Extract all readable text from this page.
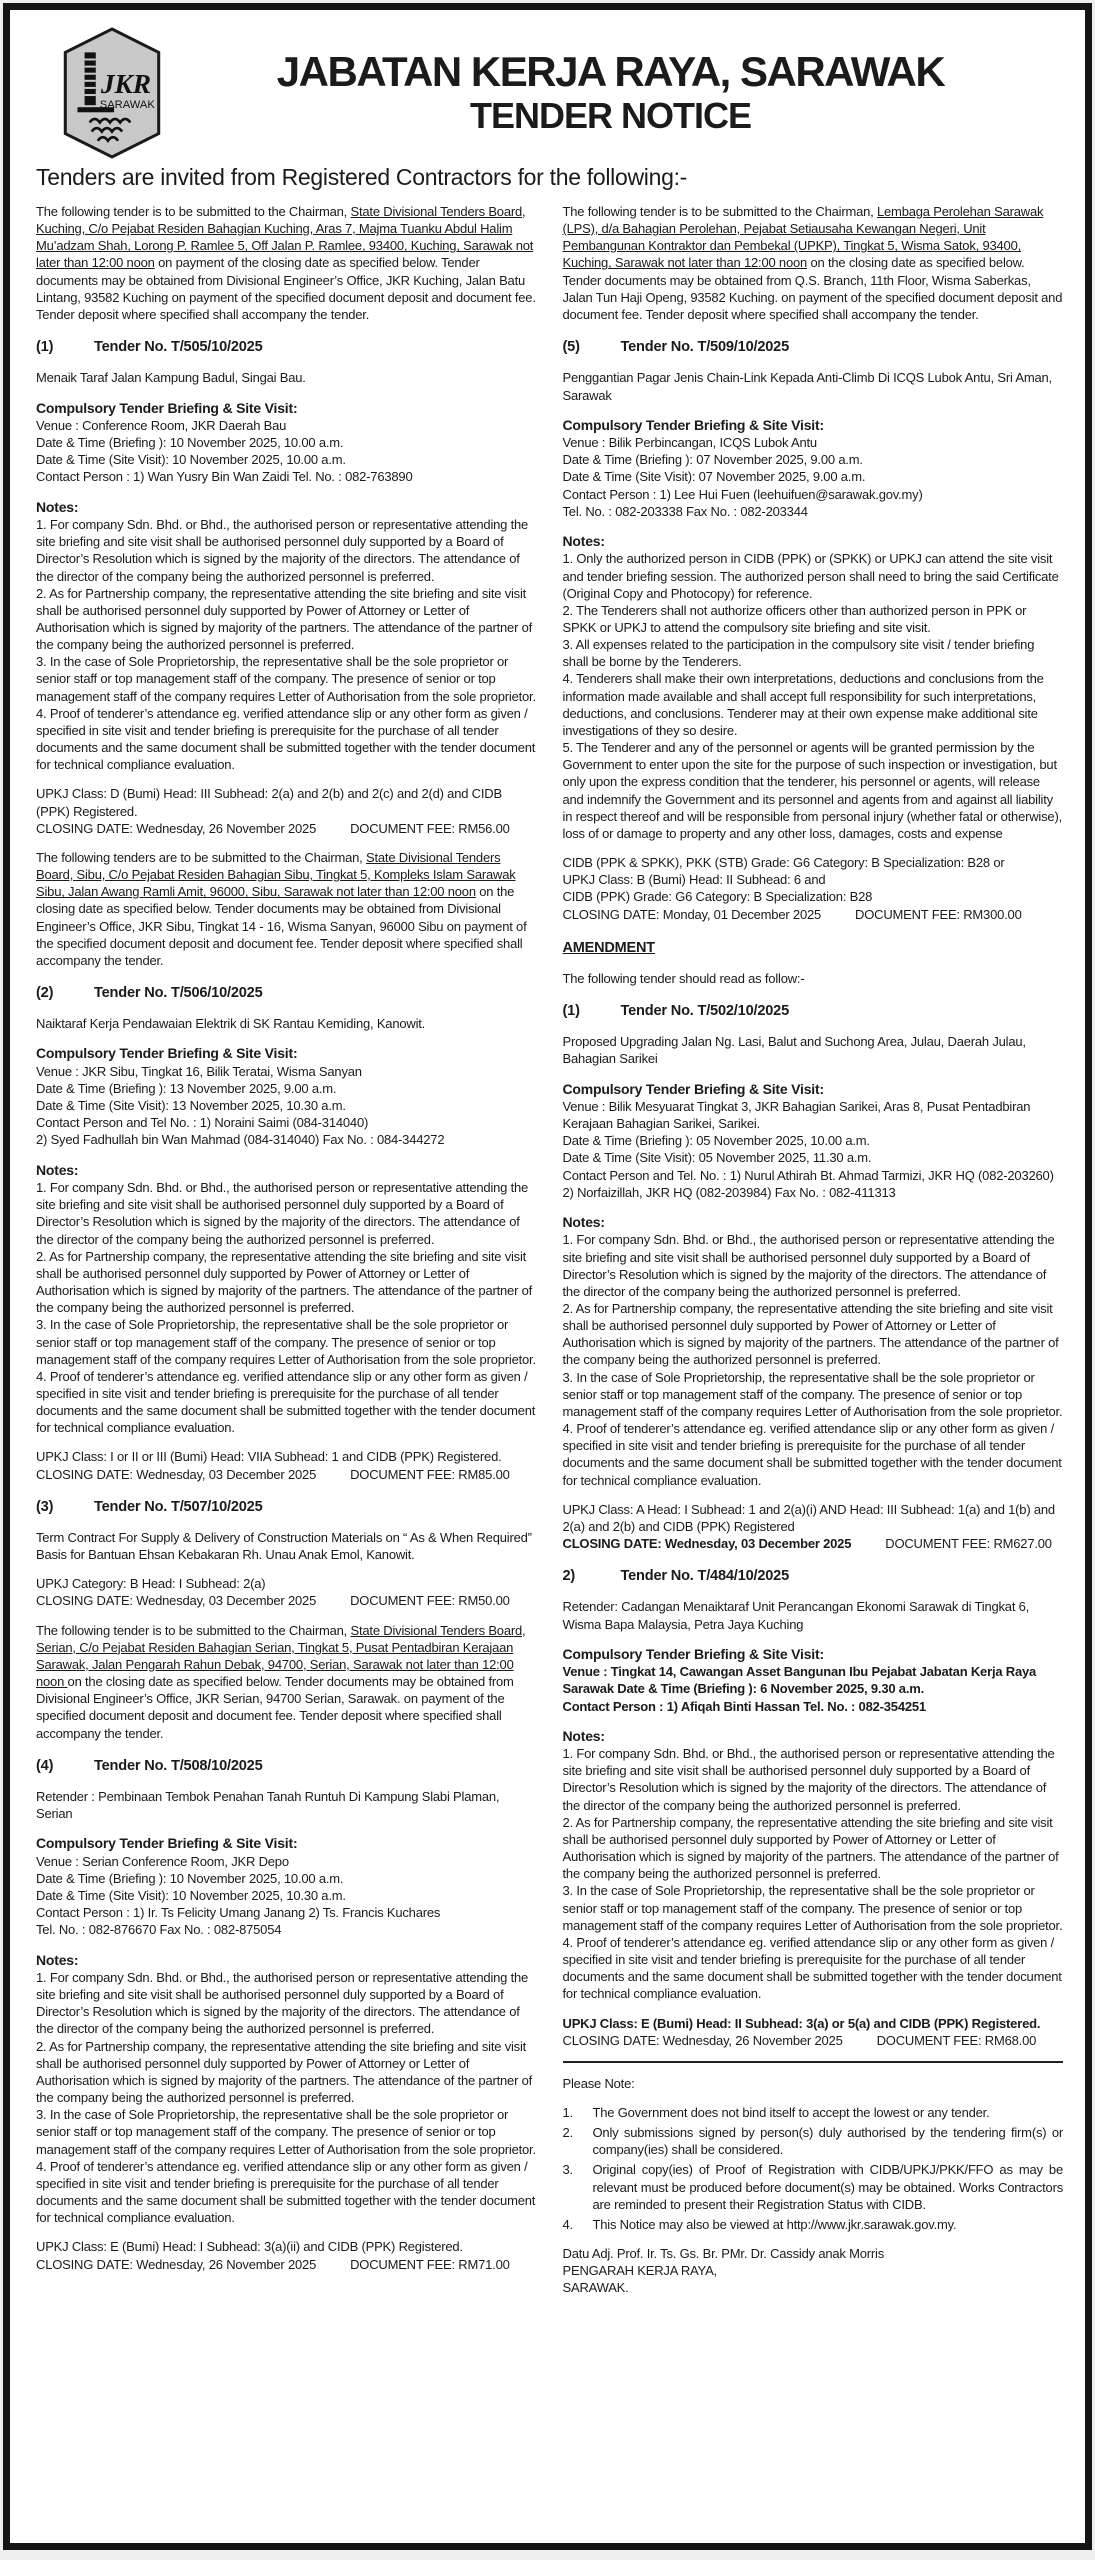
JKR
SARAWAK
JABATAN KERJA RAYA, SARAWAK
TENDER NOTICE
Tenders are invited from Registered Contractors for the following:-

The following tender is to be submitted to the Chairman, State Divisional Tenders Board, Kuching, C/o Pejabat Residen Bahagian Kuching, Aras 7, Majma Tuanku Abdul Halim Mu’adzam Shah, Lorong P. Ramlee 5, Off Jalan P. Ramlee, 93400, Kuching, Sarawak not later than 12:00 noon on payment of the closing date as specified below. Tender documents may be obtained from Divisional Engineer’s Office, JKR Kuching, Jalan Batu Lintang, 93582 Kuching on payment of the specified document deposit and document fee. Tender deposit where specified shall accompany the tender.

(1)	Tender No. T/505/10/2025

Menaik Taraf Jalan Kampung Badul, Singai Bau.

Compulsory Tender Briefing & Site Visit:

Venue : Conference Room, JKR Daerah Bau

Date & Time (Briefing ): 10 November 2025, 10.00 a.m.

Date & Time (Site Visit): 10 November 2025, 10.00 a.m.

Contact Person : 1) Wan Yusry Bin Wan Zaidi Tel. No. : 082-763890

Notes:

1. For company Sdn. Bhd. or Bhd., the authorised person or representative attending the site briefing and site visit shall be authorised personnel duly supported by a Board of Director’s Resolution which is signed by the majority of the directors. The attendance of the director of the company being the authorized personnel is preferred.

2. As for Partnership company, the representative attending the site briefing and site visit shall be authorised personnel duly supported by Power of Attorney or Letter of Authorisation which is signed by majority of the partners. The attendance of the partner of the company being the authorized personnel is preferred.

3. In the case of Sole Proprietorship, the representative shall be the sole proprietor or senior staff or top management staff of the company. The presence of senior or top management staff of the company requires Letter of Authorisation from the sole proprietor.

4. Proof of tenderer’s attendance eg. verified attendance slip or any other form as given / specified in site visit and tender briefing is prerequisite for the purchase of all tender documents and the same document shall be submitted together with the tender document for technical compliance evaluation.

UPKJ Class: D (Bumi) Head: III Subhead: 2(a) and 2(b) and 2(c) and 2(d) and CIDB (PPK) Registered.

CLOSING DATE: Wednesday, 26 November 2025	DOCUMENT FEE: RM56.00

The following tenders are to be submitted to the Chairman, State Divisional Tenders Board, Sibu, C/o Pejabat Residen Bahagian Sibu, Tingkat 5, Kompleks Islam Sarawak Sibu, Jalan Awang Ramli Amit, 96000, Sibu, Sarawak not later than 12:00 noon on the closing date as specified below. Tender documents may be obtained from Divisional Engineer’s Office, JKR Sibu, Tingkat 14 - 16, Wisma Sanyan, 96000 Sibu on payment of the specified document deposit and document fee. Tender deposit where specified shall accompany the tender.

(2)	Tender No. T/506/10/2025

Naiktaraf Kerja Pendawaian Elektrik di SK Rantau Kemiding, Kanowit.

Compulsory Tender Briefing & Site Visit:

Venue : JKR Sibu, Tingkat 16, Bilik Teratai, Wisma Sanyan

Date & Time (Briefing ): 13 November 2025, 9.00 a.m.

Date & Time (Site Visit): 13 November 2025, 10.30 a.m.

Contact Person and Tel No. : 1) Noraini Saimi (084-314040)

2) Syed Fadhullah bin Wan Mahmad (084-314040) Fax No. : 084-344272

Notes:

1. For company Sdn. Bhd. or Bhd., the authorised person or representative attending the site briefing and site visit shall be authorised personnel duly supported by a Board of Director’s Resolution which is signed by the majority of the directors. The attendance of the director of the company being the authorized personnel is preferred.

2. As for Partnership company, the representative attending the site briefing and site visit shall be authorised personnel duly supported by Power of Attorney or Letter of Authorisation which is signed by majority of the partners. The attendance of the partner of the company being the authorized personnel is preferred.

3. In the case of Sole Proprietorship, the representative shall be the sole proprietor or senior staff or top management staff of the company. The presence of senior or top management staff of the company requires Letter of Authorisation from the sole proprietor.

4. Proof of tenderer’s attendance eg. verified attendance slip or any other form as given / specified in site visit and tender briefing is prerequisite for the purchase of all tender documents and the same document shall be submitted together with the tender document for technical compliance evaluation.

UPKJ Class: I or II or III (Bumi) Head: VIIA Subhead: 1 and CIDB (PPK) Registered.

CLOSING DATE: Wednesday, 03 December 2025	DOCUMENT FEE: RM85.00

(3)	Tender No. T/507/10/2025

Term Contract For Supply & Delivery of Construction Materials on “ As & When Required” Basis for Bantuan Ehsan Kebakaran Rh. Unau Anak Emol, Kanowit.

UPKJ Category: B Head: I Subhead: 2(a)

CLOSING DATE: Wednesday, 03 December 2025	DOCUMENT FEE: RM50.00

The following tender is to be submitted to the Chairman, State Divisional Tenders Board, Serian, C/o Pejabat Residen Bahagian Serian, Tingkat 5, Pusat Pentadbiran Kerajaan Sarawak, Jalan Pengarah Rahun Debak, 94700, Serian, Sarawak not later than 12:00 noon on the closing date as specified below. Tender documents may be obtained from Divisional Engineer’s Office, JKR Serian, 94700 Serian, Sarawak. on payment of the specified document deposit and document fee. Tender deposit where specified shall accompany the tender.

(4)	Tender No. T/508/10/2025

Retender : Pembinaan Tembok Penahan Tanah Runtuh Di Kampung Slabi Plaman, Serian

Compulsory Tender Briefing & Site Visit:

Venue : Serian Conference Room, JKR Depo

Date & Time (Briefing ): 10 November 2025, 10.00 a.m.

Date & Time (Site Visit): 10 November 2025, 10.30 a.m.

Contact Person : 1) Ir. Ts Felicity Umang Janang 2) Ts. Francis Kuchares

Tel. No. : 082-876670 Fax No. : 082-875054

Notes:

1. For company Sdn. Bhd. or Bhd., the authorised person or representative attending the site briefing and site visit shall be authorised personnel duly supported by a Board of Director’s Resolution which is signed by the majority of the directors. The attendance of the director of the company being the authorized personnel is preferred.

2. As for Partnership company, the representative attending the site briefing and site visit shall be authorised personnel duly supported by Power of Attorney or Letter of Authorisation which is signed by majority of the partners. The attendance of the partner of the company being the authorized personnel is preferred.

3. In the case of Sole Proprietorship, the representative shall be the sole proprietor or senior staff or top management staff of the company. The presence of senior or top management staff of the company requires Letter of Authorisation from the sole proprietor.

4. Proof of tenderer’s attendance eg. verified attendance slip or any other form as given / specified in site visit and tender briefing is prerequisite for the purchase of all tender documents and the same document shall be submitted together with the tender document for technical compliance evaluation.

UPKJ Class: E (Bumi) Head: I Subhead: 3(a)(ii) and CIDB (PPK) Registered.

CLOSING DATE: Wednesday, 26 November 2025	DOCUMENT FEE: RM71.00

The following tender is to be submitted to the Chairman, Lembaga Perolehan Sarawak (LPS), d/a Bahagian Perolehan, Pejabat Setiausaha Kewangan Negeri, Unit Pembangunan Kontraktor dan Pembekal (UPKP), Tingkat 5, Wisma Satok, 93400, Kuching, Sarawak not later than 12:00 noon on the closing date as specified below. Tender documents may be obtained from Q.S. Branch, 11th Floor, Wisma Saberkas, Jalan Tun Haji Openg, 93582 Kuching. on payment of the specified document deposit and document fee. Tender deposit where specified shall accompany the tender.

(5)	Tender No. T/509/10/2025

Penggantian Pagar Jenis Chain-Link Kepada Anti-Climb Di ICQS Lubok Antu, Sri Aman, Sarawak

Compulsory Tender Briefing & Site Visit:

Venue : Bilik Perbincangan, ICQS Lubok Antu

Date & Time (Briefing ): 07 November 2025, 9.00 a.m.

Date & Time (Site Visit): 07 November 2025, 9.00 a.m.

Contact Person : 1) Lee Hui Fuen (leehuifuen@sarawak.gov.my)

Tel. No. : 082-203338 Fax No. : 082-203344

Notes:

1. Only the authorized person in CIDB (PPK) or (SPKK) or UPKJ can attend the site visit and tender briefing session. The authorized person shall need to bring the said Certificate (Original Copy and Photocopy) for reference.

2. The Tenderers shall not authorize officers other than authorized person in PPK or SPKK or UPKJ to attend the compulsory site briefing and site visit.

3. All expenses related to the participation in the compulsory site visit / tender briefing shall be borne by the Tenderers.

4. Tenderers shall make their own interpretations, deductions and conclusions from the information made available and shall accept full responsibility for such interpretations, deductions, and conclusions. Tenderer may at their own expense make additional site investigations of they so desire.

5. The Tenderer and any of the personnel or agents will be granted permission by the Government to enter upon the site for the purpose of such inspection or investigation, but only upon the express condition that the tenderer, his personnel or agents, will release and indemnify the Government and its personnel and agents from and against all liability in respect thereof and will be responsible from personal injury (whether fatal or otherwise), loss of or damage to property and any other loss, damages, costs and expense

CIDB (PPK & SPKK), PKK (STB) Grade: G6 Category: B Specialization: B28 or

UPKJ Class: B (Bumi) Head: II Subhead: 6 and

CIDB (PPK) Grade: G6 Category: B Specialization: B28

CLOSING DATE: Monday, 01 December 2025	DOCUMENT FEE: RM300.00

AMENDMENT

The following tender should read as follow:-

(1)	Tender No. T/502/10/2025

Proposed Upgrading Jalan Ng. Lasi, Balut and Suchong Area, Julau, Daerah Julau, Bahagian Sarikei

Compulsory Tender Briefing & Site Visit:

Venue : Bilik Mesyuarat Tingkat 3, JKR Bahagian Sarikei, Aras 8, Pusat Pentadbiran Kerajaan Bahagian Sarikei, Sarikei.

Date & Time (Briefing ): 05 November 2025, 10.00 a.m.

Date & Time (Site Visit): 05 November 2025, 11.30 a.m.

Contact Person and Tel. No. : 1) Nurul Athirah Bt. Ahmad Tarmizi, JKR HQ (082-203260)

2) Norfaizillah, JKR HQ (082-203984) Fax No. : 082-411313

Notes:

1. For company Sdn. Bhd. or Bhd., the authorised person or representative attending the site briefing and site visit shall be authorised personnel duly supported by a Board of Director’s Resolution which is signed by the majority of the directors. The attendance of the director of the company being the authorized personnel is preferred.

2. As for Partnership company, the representative attending the site briefing and site visit shall be authorised personnel duly supported by Power of Attorney or Letter of Authorisation which is signed by majority of the partners. The attendance of the partner of the company being the authorized personnel is preferred.

3. In the case of Sole Proprietorship, the representative shall be the sole proprietor or senior staff or top management staff of the company. The presence of senior or top management staff of the company requires Letter of Authorisation from the sole proprietor.

4. Proof of tenderer’s attendance eg. verified attendance slip or any other form as given / specified in site visit and tender briefing is prerequisite for the purchase of all tender documents and the same document shall be submitted together with the tender document for technical compliance evaluation.

UPKJ Class: A Head: I Subhead: 1 and 2(a)(i) AND Head: III Subhead: 1(a) and 1(b) and 2(a) and 2(b) and CIDB (PPK) Registered

CLOSING DATE: Wednesday, 03 December 2025	DOCUMENT FEE: RM627.00

2)	Tender No. T/484/10/2025

Retender: Cadangan Menaiktaraf Unit Perancangan Ekonomi Sarawak di Tingkat 6, Wisma Bapa Malaysia, Petra Jaya Kuching

Compulsory Tender Briefing & Site Visit:

Venue : Tingkat 14, Cawangan Asset Bangunan Ibu Pejabat Jabatan Kerja Raya Sarawak Date & Time (Briefing ): 6 November 2025, 9.30 a.m.

Contact Person : 1) Afiqah Binti Hassan Tel. No. : 082-354251

Notes:

1. For company Sdn. Bhd. or Bhd., the authorised person or representative attending the site briefing and site visit shall be authorised personnel duly supported by a Board of Director’s Resolution which is signed by the majority of the directors. The attendance of the director of the company being the authorized personnel is preferred.

2. As for Partnership company, the representative attending the site briefing and site visit shall be authorised personnel duly supported by Power of Attorney or Letter of Authorisation which is signed by majority of the partners. The attendance of the partner of the company being the authorized personnel is preferred.

3. In the case of Sole Proprietorship, the representative shall be the sole proprietor or senior staff or top management staff of the company. The presence of senior or top management staff of the company requires Letter of Authorisation from the sole proprietor.

4. Proof of tenderer’s attendance eg. verified attendance slip or any other form as given / specified in site visit and tender briefing is prerequisite for the purchase of all tender documents and the same document shall be submitted together with the tender document for technical compliance evaluation.

UPKJ Class: E (Bumi) Head: II Subhead: 3(a) or 5(a) and CIDB (PPK) Registered.

CLOSING DATE: Wednesday, 26 November 2025	DOCUMENT FEE: RM68.00

Please Note:

1.	The Government does not bind itself to accept the lowest or any tender.
2.	Only submissions signed by person(s) duly authorised by the tendering firm(s) or company(ies) shall be considered.
3.	Original copy(ies) of Proof of Registration with CIDB/UPKJ/PKK/FFO as may be relevant must be produced before document(s) may be obtained. Works Contractors are reminded to present their Registration Status with CIDB.
4.	This Notice may also be viewed at http://www.jkr.sarawak.gov.my.

Datu Adj. Prof. Ir. Ts. Gs. Br. PMr. Dr. Cassidy anak Morris

PENGARAH KERJA RAYA,

SARAWAK.
